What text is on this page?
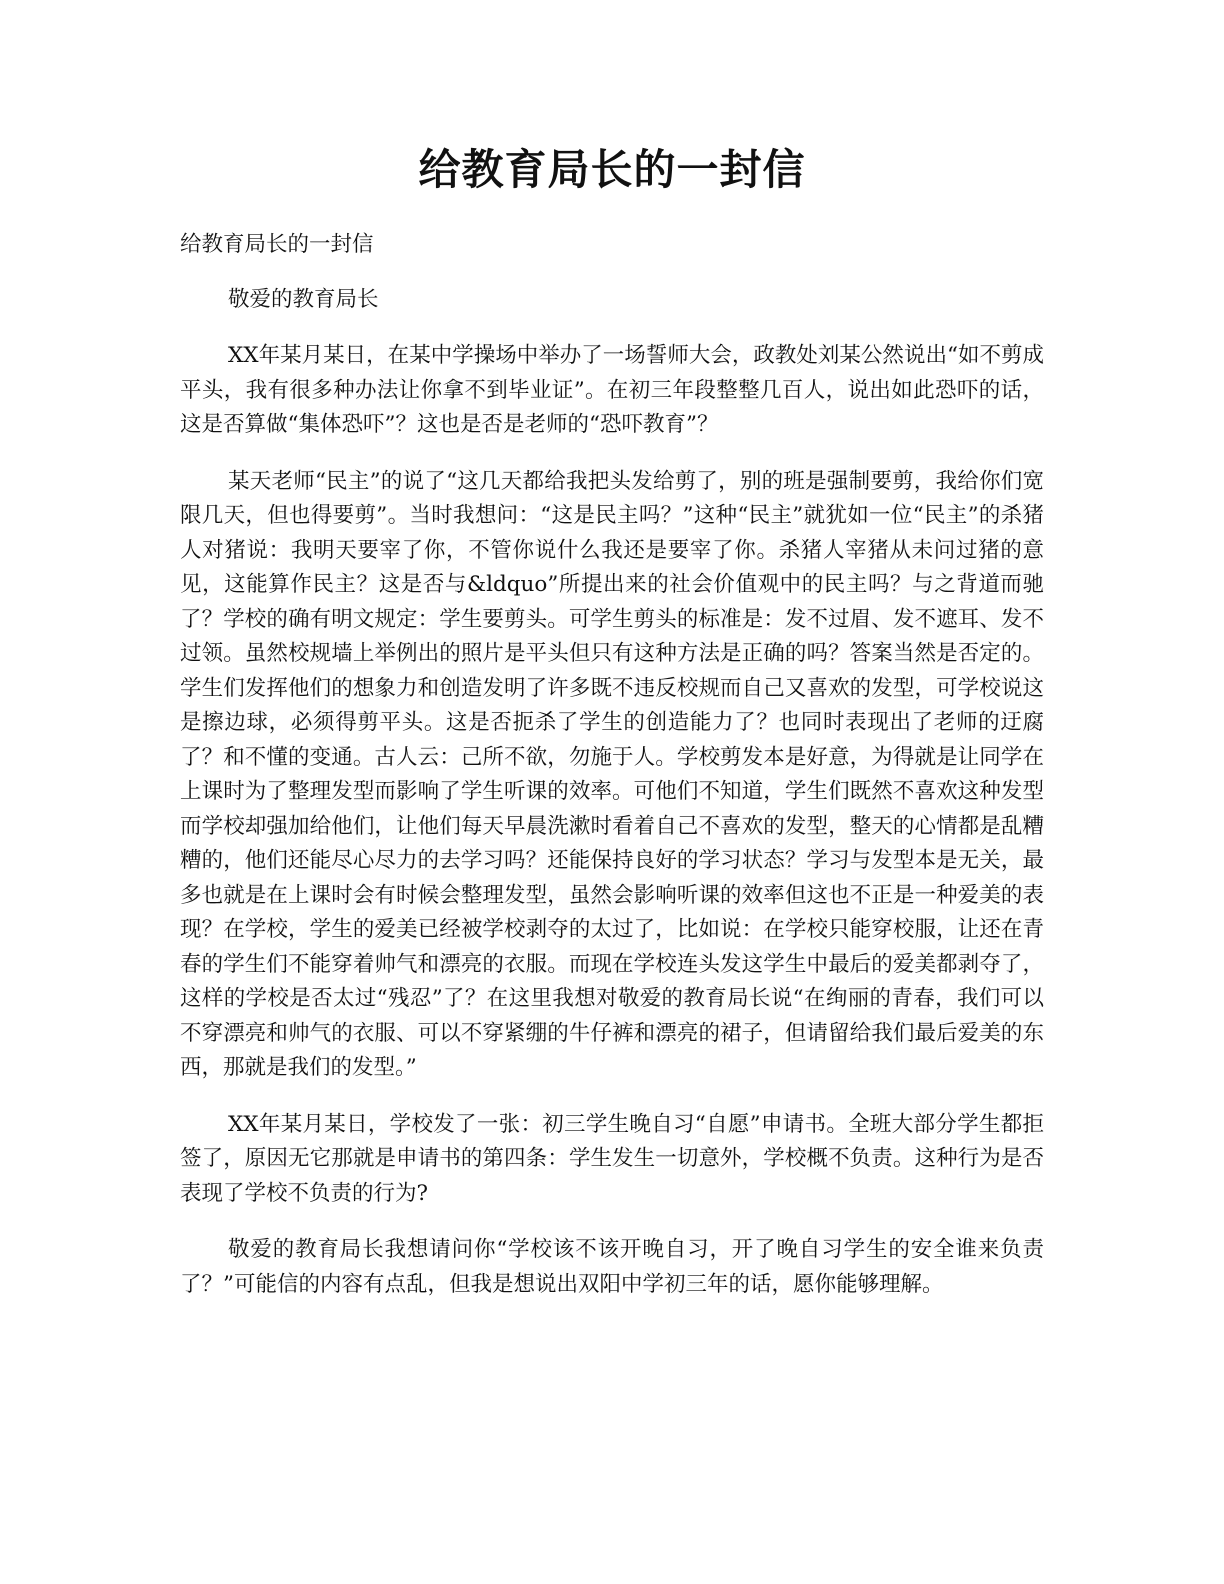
给教育局长的一封信

给教育局长的一封信

敬爱的教育局长

XX年某月某日，在某中学操场中举办了一场誓师大会，政教处刘某公然说出“如不剪成平头，我有很多种办法让你拿不到毕业证”。在初三年段整整几百人，说出如此恐吓的话，这是否算做“集体恐吓”？这也是否是老师的“恐吓教育”？

某天老师“民主”的说了“这几天都给我把头发给剪了，别的班是强制要剪，我给你们宽限几天，但也得要剪”。当时我想问：“这是民主吗？”这种“民主”就犹如一位“民主”的杀猪人对猪说：我明天要宰了你，不管你说什么我还是要宰了你。杀猪人宰猪从未问过猪的意见，这能算作民主？这是否与&ldquo”所提出来的社会价值观中的民主吗？与之背道而驰了？学校的确有明文规定：学生要剪头。可学生剪头的标准是：发不过眉、发不遮耳、发不过领。虽然校规墙上举例出的照片是平头但只有这种方法是正确的吗？答案当然是否定的。学生们发挥他们的想象力和创造发明了许多既不违反校规而自己又喜欢的发型，可学校说这是擦边球，必须得剪平头。这是否扼杀了学生的创造能力了？也同时表现出了老师的迂腐了？和不懂的变通。古人云：己所不欲，勿施于人。学校剪发本是好意，为得就是让同学在上课时为了整理发型而影响了学生听课的效率。可他们不知道，学生们既然不喜欢这种发型而学校却强加给他们，让他们每天早晨洗漱时看着自己不喜欢的发型，整天的心情都是乱糟糟的，他们还能尽心尽力的去学习吗？还能保持良好的学习状态？学习与发型本是无关，最多也就是在上课时会有时候会整理发型，虽然会影响听课的效率但这也不正是一种爱美的表现？在学校，学生的爱美已经被学校剥夺的太过了，比如说：在学校只能穿校服，让还在青春的学生们不能穿着帅气和漂亮的衣服。而现在学校连头发这学生中最后的爱美都剥夺了，这样的学校是否太过“残忍”了？在这里我想对敬爱的教育局长说“在绚丽的青春，我们可以不穿漂亮和帅气的衣服、可以不穿紧绷的牛仔裤和漂亮的裙子，但请留给我们最后爱美的东西，那就是我们的发型。”

XX年某月某日，学校发了一张：初三学生晚自习“自愿”申请书。全班大部分学生都拒签了，原因无它那就是申请书的第四条：学生发生一切意外，学校概不负责。这种行为是否表现了学校不负责的行为?

敬爱的教育局长我想请问你“学校该不该开晚自习，开了晚自习学生的安全谁来负责了？”可能信的内容有点乱，但我是想说出双阳中学初三年的话，愿你能够理解。
